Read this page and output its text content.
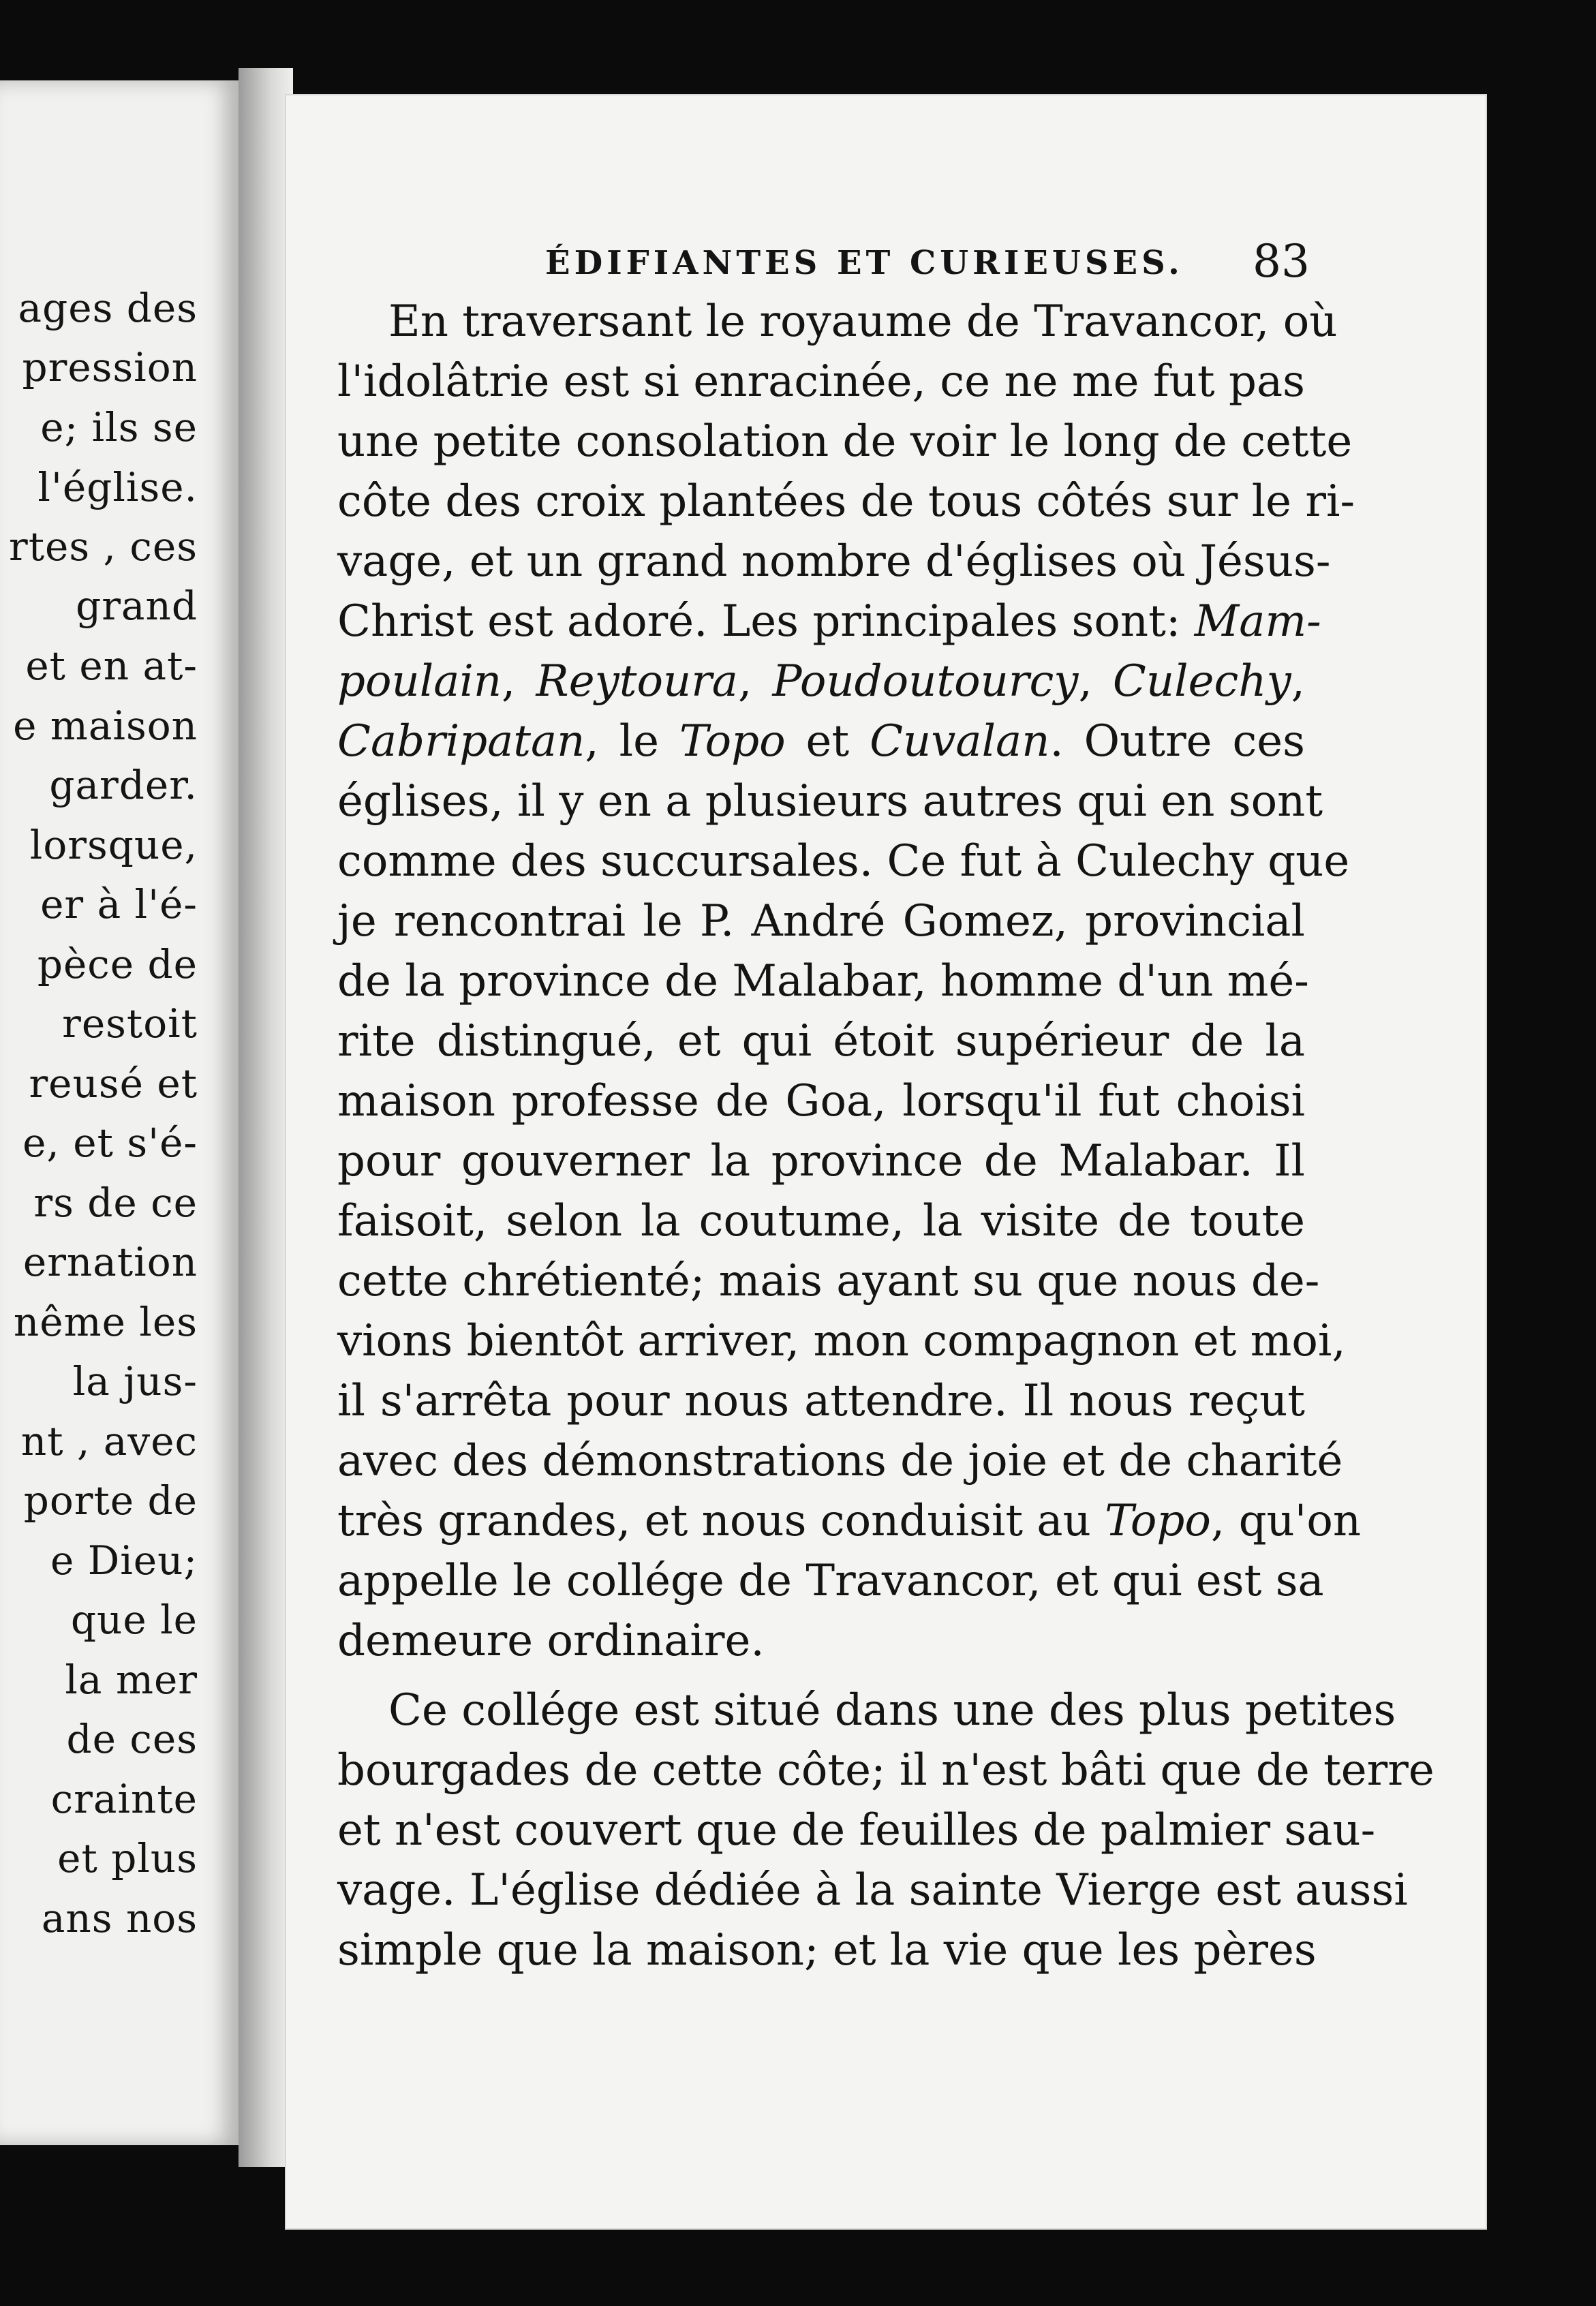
ages des
pression
e; ils se
l'église.
rtes , ces
grand
et en at-
e maison
garder.
lorsque,
er à l'é-
pèce de
restoit
reusé et
e, et s'é-
rs de ce
ernation
nême les
la jus-
nt , avec
porte de
e Dieu;
que le
la mer
de ces
crainte
et plus
ans nos
ÉDIFIANTES ET CURIEUSES. 83
En traversant le royaume de Travancor, où
l'idolâtrie est si enracinée, ce ne me fut pas
une petite consolation de voir le long de cette
côte des croix plantées de tous côtés sur le ri-
vage, et un grand nombre d'églises où Jésus-
Christ est adoré. Les principales sont: Mam-
poulain, Reytoura, Poudoutourcy, Culechy,
Cabripatan, le Topo et Cuvalan. Outre ces
églises, il y en a plusieurs autres qui en sont
comme des succursales. Ce fut à Culechy que
je rencontrai le P. André Gomez, provincial
de la province de Malabar, homme d'un mé-
rite distingué, et qui étoit supérieur de la
maison professe de Goa, lorsqu'il fut choisi
pour gouverner la province de Malabar. Il
faisoit, selon la coutume, la visite de toute
cette chrétienté; mais ayant su que nous de-
vions bientôt arriver, mon compagnon et moi,
il s'arrêta pour nous attendre. Il nous reçut
avec des démonstrations de joie et de charité
très grandes, et nous conduisit au Topo, qu'on
appelle le collége de Travancor, et qui est sa
demeure ordinaire.
Ce collége est situé dans une des plus petites
bourgades de cette côte; il n'est bâti que de terre
et n'est couvert que de feuilles de palmier sau-
vage. L'église dédiée à la sainte Vierge est aussi
simple que la maison; et la vie que les pères
